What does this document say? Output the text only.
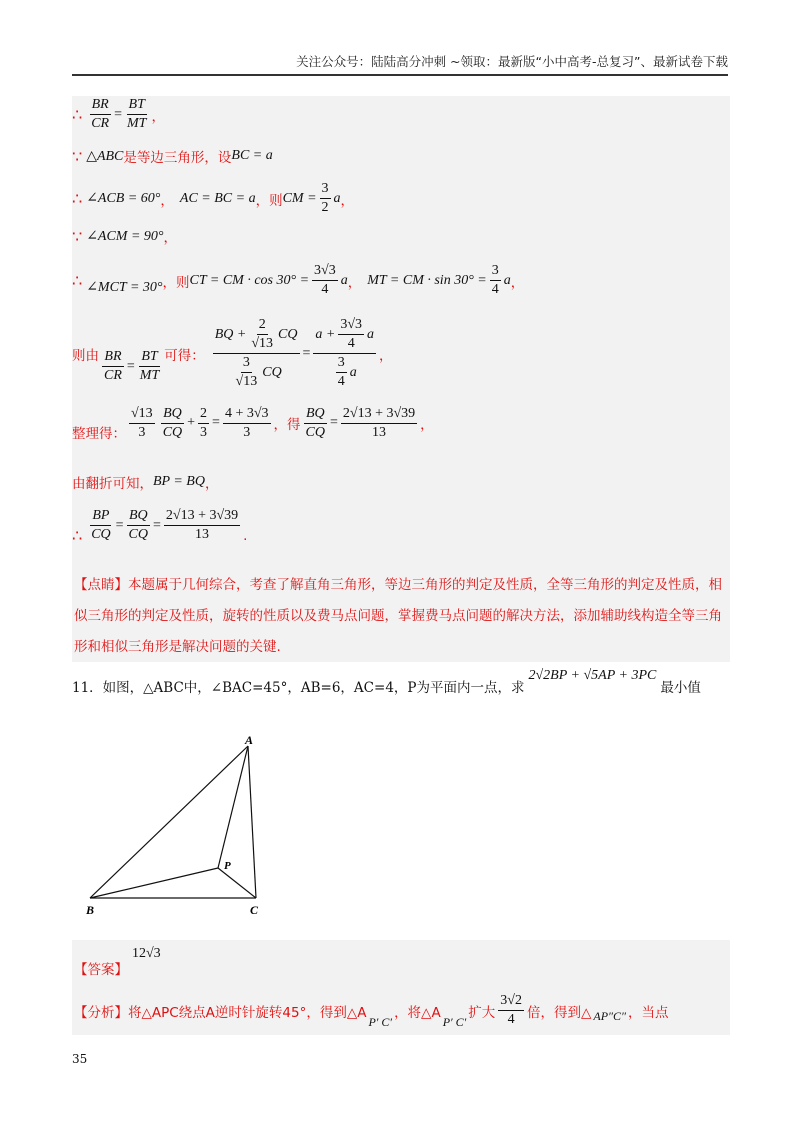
关注公众号：陆陆高分冲刺 ~领取：最新版“小中高考-总复习”、最新试卷下载
∴ $\frac{BR}{CR} = \frac{BT}{MT}$ ，
∵ △ABC 是等边三角形，设 BC = a
∴ ∠ACB = 60° ， AC = BC = a ，则 CM = $\frac{3}{2}$ a ，
∵ ∠ACM = 90° ，
∴ ∠MCT = 30° ，则 CT = CM · $\cos 30^\circ = \frac{3√3}{4}$ a ， MT = CM · $\sin 30^\circ = \frac{3}{4}$ a ，
则由 $\frac{BR}{CR} = \frac{BT}{MT}$ 可得： $\frac{BQ + \frac{2}{√13} CQ}{\frac{3}{√13} CQ} = \frac{a + \frac{3√3}{4} a}{\frac{3}{4} a}$ ，
整理得： $\frac{√13}{3} \frac{BQ}{CQ} + \frac{2}{3} = \frac{4 + 3√3}{3}$ ，得 $\frac{BQ}{CQ} = \frac{2√13 + 3√39}{13}$ ，
由翻折可知， BP = BQ ，
∴ $\frac{BP}{CQ} = \frac{BQ}{CQ} = \frac{2√13 + 3√39}{13}$ .
【点睛】本题属于几何综合，考查了解直角三角形，等边三角形的判定及性质，全等三角形的判定及性质，相似三角形的判定及性质，旋转的性质以及费马点问题，掌握费马点问题的解决方法，添加辅助线构造全等三角形和相似三角形是解决问题的关键.
11．如图，△ABC中，∠BAC=45°，AB=6，AC=4，P为平面内一点，求
2√2BP + √5AP + 3PC
最小值
A
B	C
P
【答案】
12√3
【分析】 将△APC绕点A逆时针旋转45°，得到△A
P′ C′
，将△A
P′ C′
扩大 $\frac{3√2}{4}$ 倍，得到△ AP″C″ ，当点
35
